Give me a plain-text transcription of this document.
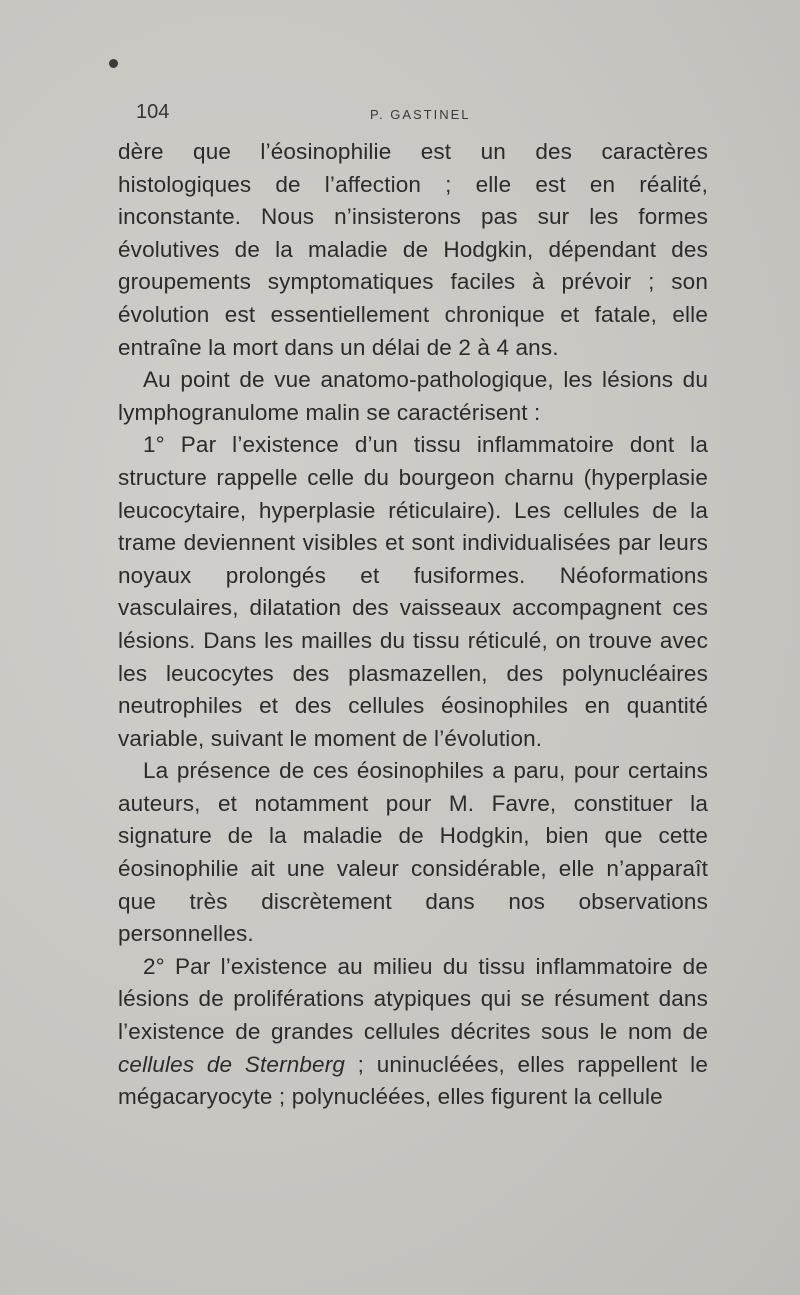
104	P. GASTINEL

dère que l’éosinophilie est un des caractères histologiques de l’affection ; elle est en réalité, inconstante. Nous n’insisterons pas sur les formes évolutives de la maladie de Hodgkin, dépendant des groupements symptomatiques faciles à prévoir ; son évolution est essentiellement chronique et fatale, elle entraîne la mort dans un délai de 2 à 4 ans.

Au point de vue anatomo-pathologique, les lésions du lymphogranulome malin se caractérisent :

1° Par l’existence d’un tissu inflammatoire dont la structure rappelle celle du bourgeon charnu (hyperplasie leucocytaire, hyperplasie réticulaire). Les cellules de la trame deviennent visibles et sont individualisées par leurs noyaux prolongés et fusiformes. Néoformations vasculaires, dilatation des vaisseaux accompagnent ces lésions. Dans les mailles du tissu réticulé, on trouve avec les leucocytes des plasmazellen, des polynucléaires neutrophiles et des cellules éosinophiles en quantité variable, suivant le moment de l’évolution.

La présence de ces éosinophiles a paru, pour certains auteurs, et notamment pour M. Favre, constituer la signature de la maladie de Hodgkin, bien que cette éosinophilie ait une valeur considérable, elle n’apparaît que très discrètement dans nos observations personnelles.

2° Par l’existence au milieu du tissu inflammatoire de lésions de proliférations atypiques qui se résument dans l’existence de grandes cellules décrites sous le nom de cellules de Sternberg ; uninucléées, elles rappellent le mégacaryocyte ; polynucléées, elles figurent la cellule
